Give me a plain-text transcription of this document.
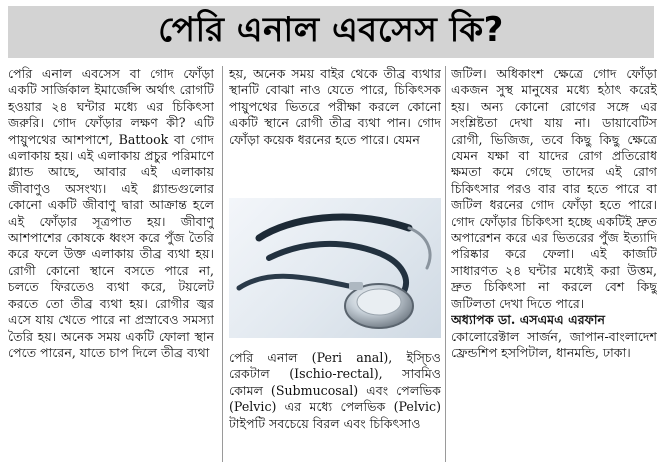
পেরি এনাল এবসেস কি?

পেরি এনাল এবসেস বা গোদ ফোঁড়া একটি সার্জিকাল ইমার্জেন্সি অর্থাৎ রোগটি হওয়ার ২৪ ঘন্টার মধ্যে এর চিকিৎসা জরুরি। গোদ ফোঁড়ার লক্ষণ কী? এটি পায়ুপথের আশপাশে, Battook বা গোদ এলাকায় হয়। এই এলাকায় প্রচুর পরিমাণে গ্ল্যান্ড আছে, আবার এই এলাকায় জীবাণুও অসংখ্য। এই গ্ল্যান্ডগুলোর কোনো একটি জীবাণু দ্বারা আক্রান্ত হলে এই ফোঁড়ার সূত্রপাত হয়। জীবাণু আশপাশের কোষকে ধ্বংস করে পুঁজ তৈরি করে ফলে উক্ত এলাকায় তীব্র ব্যথা হয়। রোগী কোনো স্থানে বসতে পারে না, চলতে ফিরতেও ব্যথা করে, টয়লেট করতে তো তীব্র ব্যথা হয়। রোগীর জ্বর এসে যায় খেতে পারে না প্রস্রাবেও সমস্যা তৈরি হয়। অনেক সময় একটি ফোলা স্থান পেতে পারেন, যাতে চাপ দিলে তীব্র ব্যথা

হয়, অনেক সময় বাইর থেকে তীব্র ব্যথার স্থানটি বোঝা নাও যেতে পারে, চিকিৎসক পায়ুপথের ভিতরে পরীক্ষা করলে কোনো একটি স্থানে রোগী তীব্র ব্যথা পান। গোদ ফোঁড়া কয়েক ধরনের হতে পারে। যেমন

পেরি এনাল (Peri anal), ইস্চিও রেকটাল (Ischio-rectal), সাবমিও কোমল (Submucosal) এবং পেলভিক (Pelvic) এর মধ্যে পেলভিক (Pelvic) টাইপটি সবচেয়ে বিরল এবং চিকিৎসাও

জটিল। অধিকাংশ ক্ষেত্রে গোদ ফোঁড়া একজন সুস্থ মানুষের মধ্যে হঠাৎ করেই হয়। অন্য কোনো রোগের সঙ্গে এর সংশ্লিষ্টতা দেখা যায় না। ডায়াবেটিস রোগী, ভিজিজ, তবে কিছু কিছু ক্ষেত্রে যেমন যক্ষা বা যাদের রোগ প্রতিরোধ ক্ষমতা কমে গেছে তাদের এই রোগ চিকিৎসার পরও বার বার হতে পারে বা জটিল ধরনের গোদ ফোঁড়া হতে পারে। গোদ ফোঁড়ার চিকিৎসা হচ্ছে একটিই দ্রুত অপারেশন করে এর ভিতরের পুঁজ ইত্যাদি পরিষ্কার করে ফেলা। এই কাজটি সাধারণত ২৪ ঘন্টার মধ্যেই করা উত্তম, দ্রুত চিকিৎসা না করলে বেশ কিছু জটিলতা দেখা দিতে পারে।

অধ্যাপক ডা. এসএমএ এরফান

কোলোরেক্টাল সার্জন, জাপান-বাংলাদেশ ফ্রেন্ডশিপ হসপিটাল, ধানমন্ডি, ঢাকা।
